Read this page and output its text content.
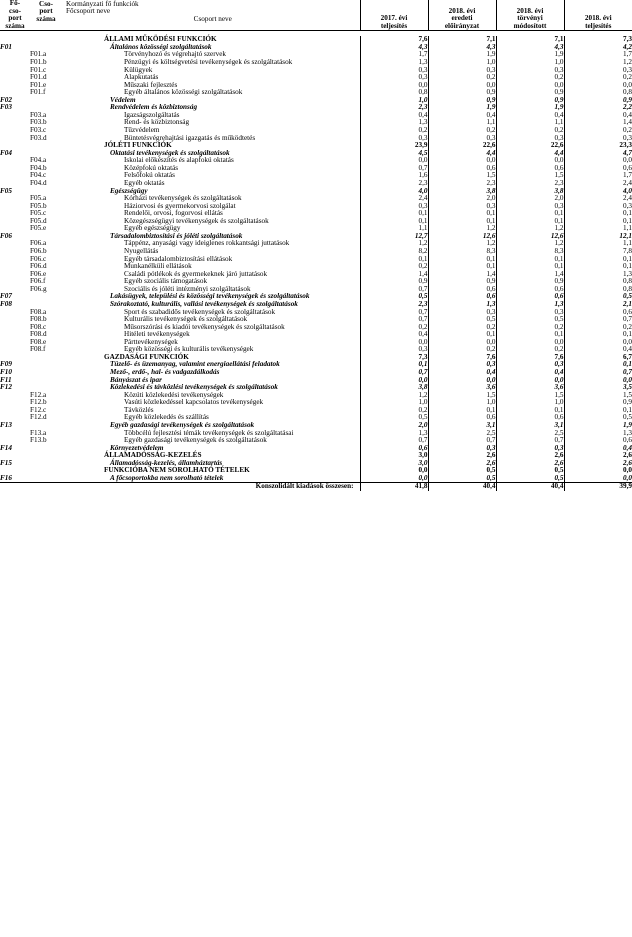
Fő-
cso-
port
száma

Cso-
port
száma

Kormányzati fő funkciók
Főcsoport neve
Csoport neve	2017. évi
teljesítés

2018. évi
eredeti
előirányzat

2018. évi
törvényi
módosított

2018. évi
teljesítés

		ÁLLAMI MŰKÖDÉSI FUNKCIÓK	7,6	7,1	7,1	7,3
F01		Általános közösségi szolgáltatások	4,3	4,3	4,3	4,2
	F01.a	Törvényhozó és végrehajtó szervek	1,7	1,9	1,9	1,7
	F01.b	Pénzügyi és költségvetési tevékenységek és szolgáltatások	1,3	1,0	1,0	1,2
	F01.c	Külügyek	0,3	0,3	0,3	0,3
	F01.d	Alapkutatás	0,3	0,2	0,2	0,2
	F01.e	Műszaki fejlesztés	0,0	0,0	0,0	0,0
	F01.f	Egyéb általános közösségi szolgáltatások	0,8	0,9	0,9	0,8
F02		Védelem	1,0	0,9	0,9	0,9
F03		Rendvédelem és közbiztonság	2,3	1,9	1,9	2,2
	F03.a	Igazságszolgáltatás	0,4	0,4	0,4	0,4
	F03.b	Rend- és közbiztonság	1,3	1,1	1,1	1,4
	F03.c	Tűzvédelem	0,2	0,2	0,2	0,2
	F03.d	Büntetésvégrehajtási igazgatás és működtetés	0,3	0,3	0,3	0,3
		JÓLÉTI FUNKCIÓK	23,9	22,6	22,6	23,3
F04		Oktatási tevékenységek és szolgáltatások	4,5	4,4	4,4	4,7
	F04.a	Iskolai előkészítés és alapfokú oktatás	0,0	0,0	0,0	0,0
	F04.b	Középfokú oktatás	0,7	0,6	0,6	0,6
	F04.c	Felsőfokú oktatás	1,6	1,5	1,5	1,7
	F04.d	Egyéb oktatás	2,3	2,3	2,3	2,4
F05		Egészségügy	4,0	3,8	3,8	4,0
	F05.a	Kórházi tevékenységek és szolgáltatások	2,4	2,0	2,0	2,4
	F05.b	Háziorvosi és gyermekorvosi szolgálat	0,3	0,3	0,3	0,3
	F05.c	Rendelői, orvosi, fogorvosi ellátás	0,1	0,1	0,1	0,1
	F05.d	Közegészségügyi tevékenységek és szolgáltatások	0,1	0,1	0,1	0,1
	F05.e	Egyéb egészségügy	1,1	1,2	1,2	1,1
F06		Társadalombiztosítási és jóléti szolgáltatások	12,7	12,6	12,6	12,1
	F06.a	Táppénz, anyasági vagy ideiglenes rokkantsági juttatások	1,2	1,2	1,2	1,1
	F06.b	Nyugellátás	8,2	8,3	8,3	7,8
	F06.c	Egyéb társadalombiztosítási ellátások	0,1	0,1	0,1	0,1
	F06.d	Munkanélküli ellátások	0,2	0,1	0,1	0,1
	F06.e	Családi pótlékok és gyermekeknek járó juttatások	1,4	1,4	1,4	1,3
	F06.f	Egyéb szociális támogatások	0,9	0,9	0,9	0,8
	F06.g	Szociális és jóléti intézményi szolgáltatások	0,7	0,6	0,6	0,8
F07		Lakásügyek, települési és közösségi tevékenységek és szolgáltatások	0,5	0,6	0,6	0,5
F08		Szórakoztató, kulturális, vallási tevékenységek és szolgáltatások	2,3	1,3	1,3	2,1
	F08.a	Sport és szabadidős tevékenységek és szolgáltatások	0,7	0,3	0,3	0,6
	F08.b	Kulturális tevékenységek és szolgáltatások	0,7	0,5	0,5	0,7
	F08.c	Műsorszórási és kiadói tevékenységek és szolgáltatások	0,2	0,2	0,2	0,2
	F08.d	Hitéleti tevékenységek	0,4	0,1	0,1	0,1
	F08.e	Párttevékenységek	0,0	0,0	0,0	0,0
	F08.f	Egyéb közösségi és kulturális tevékenységek	0,3	0,2	0,2	0,4
		GAZDASÁGI FUNKCIÓK	7,3	7,6	7,6	6,7
F09		Tüzelő- és üzemanyag, valamint energiaellátási feladatok	0,1	0,3	0,3	0,1
F10		Mező-, erdő-, hal- és vadgazdálkodás	0,7	0,4	0,4	0,7
F11		Bányászat és ipar	0,0	0,0	0,0	0,0
F12		Közlekedési és távközlési tevékenységek és szolgáltatások	3,8	3,6	3,6	3,5
	F12.a	Közúti közlekedési tevékenységek	1,2	1,5	1,5	1,5
	F12.b	Vasúti közlekedéssel kapcsolatos tevékenységek	1,0	1,0	1,0	0,9
	F12.c	Távközlés	0,2	0,1	0,1	0,1
	F12.d	Egyéb közlekedés és szállítás	0,5	0,6	0,6	0,5
F13		Egyéb gazdasági tevékenységek és szolgáltatások	2,0	3,1	3,1	1,9
	F13.a	Többcélú fejlesztési témák tevékenységek és szolgáltatásai	1,3	2,5	2,5	1,3
	F13.b	Egyéb gazdasági tevékenységek és szolgáltatások	0,7	0,7	0,7	0,6
F14		Környezetvédelem	0,6	0,3	0,3	0,4
		ÁLLAMADÓSSÁG-KEZELÉS	3,0	2,6	2,6	2,6
F15		Államadósság-kezelés, államháztartás	3,0	2,6	2,6	2,6
		FUNKCIÓBA NEM SOROLHATÓ TÉTELEK	0,0	0,5	0,5	0,0
F16		A főcsoportokba nem sorolható tételek	0,0	0,5	0,5	0,0
Konszolidált kiadások összesen:			41,8	40,4	40,4	39,9
